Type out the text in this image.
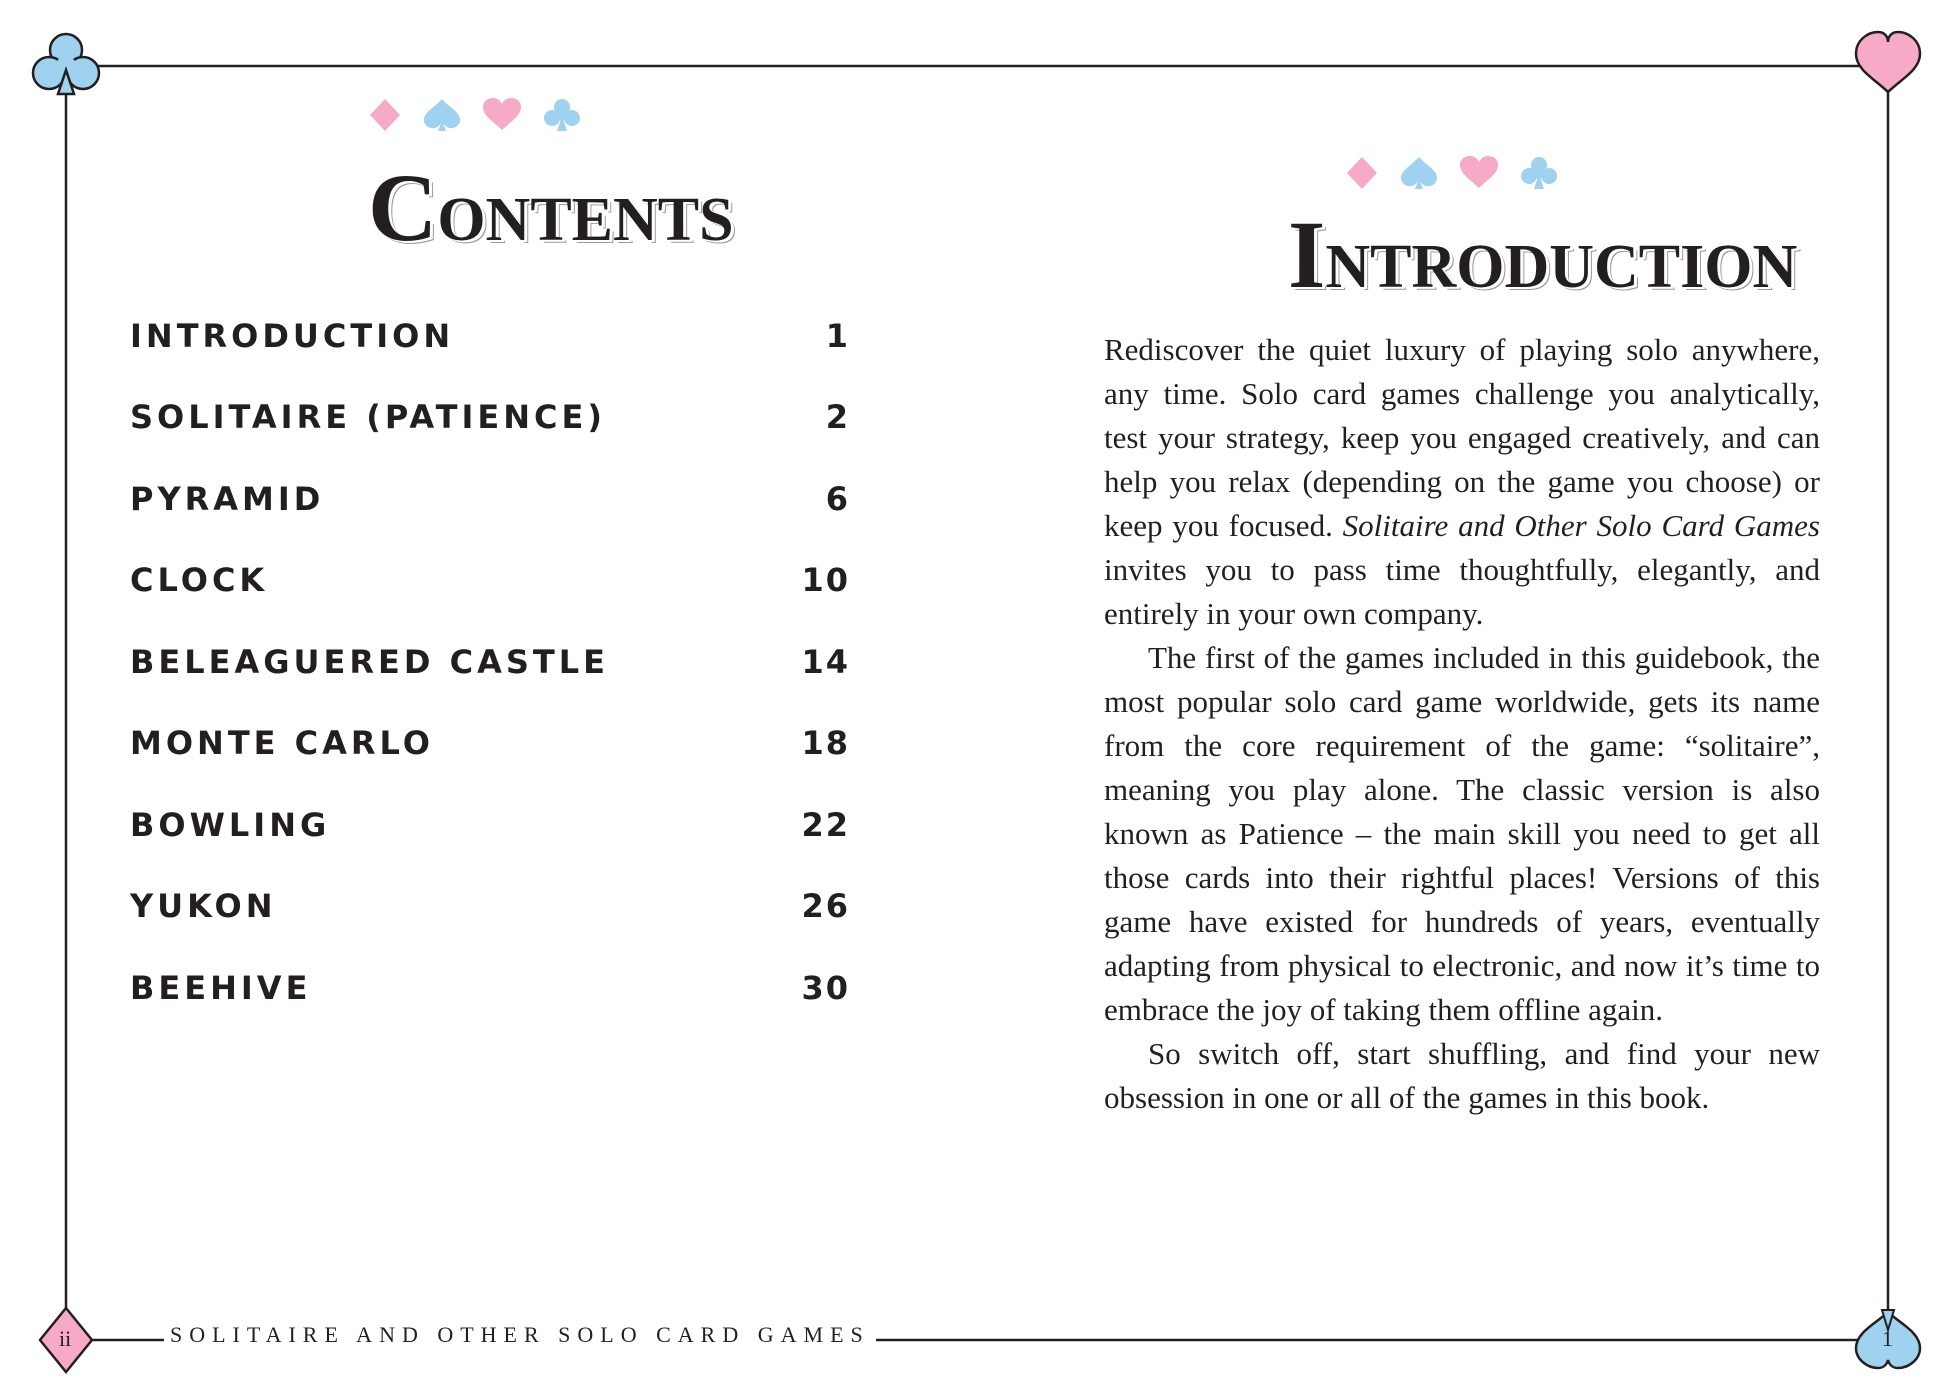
ii	1
CONTENTS
INTRODUCTION	1
SOLITAIRE (PATIENCE)	2
PYRAMID	6
CLOCK	10
BELEAGUERED CASTLE	14
MONTE CARLO	18
BOWLING	22
YUKON	26
BEEHIVE	30
SOLITAIRE AND OTHER SOLO CARD GAMES
INTRODUCTION

Rediscover the quiet luxury of playing solo anywhere, any time. Solo card games challenge you analytically, test your strategy, keep you engaged creatively, and can help you relax (depending on the game you choose) or keep you focused. Solitaire and Other Solo Card Games invites you to pass time thoughtfully, elegantly, and entirely in your own company.

The first of the games included in this guidebook, the most popular solo card game worldwide, gets its name from the core requirement of the game: “solitaire”, meaning you play alone. The classic version is also known as Patience – the main skill you need to get all those cards into their rightful places! Versions of this game have existed for hundreds of years, eventually adapting from physical to electronic, and now it’s time to embrace the joy of taking them offline again.

So switch off, start shuffling, and find your new obsession in one or all of the games in this book.
